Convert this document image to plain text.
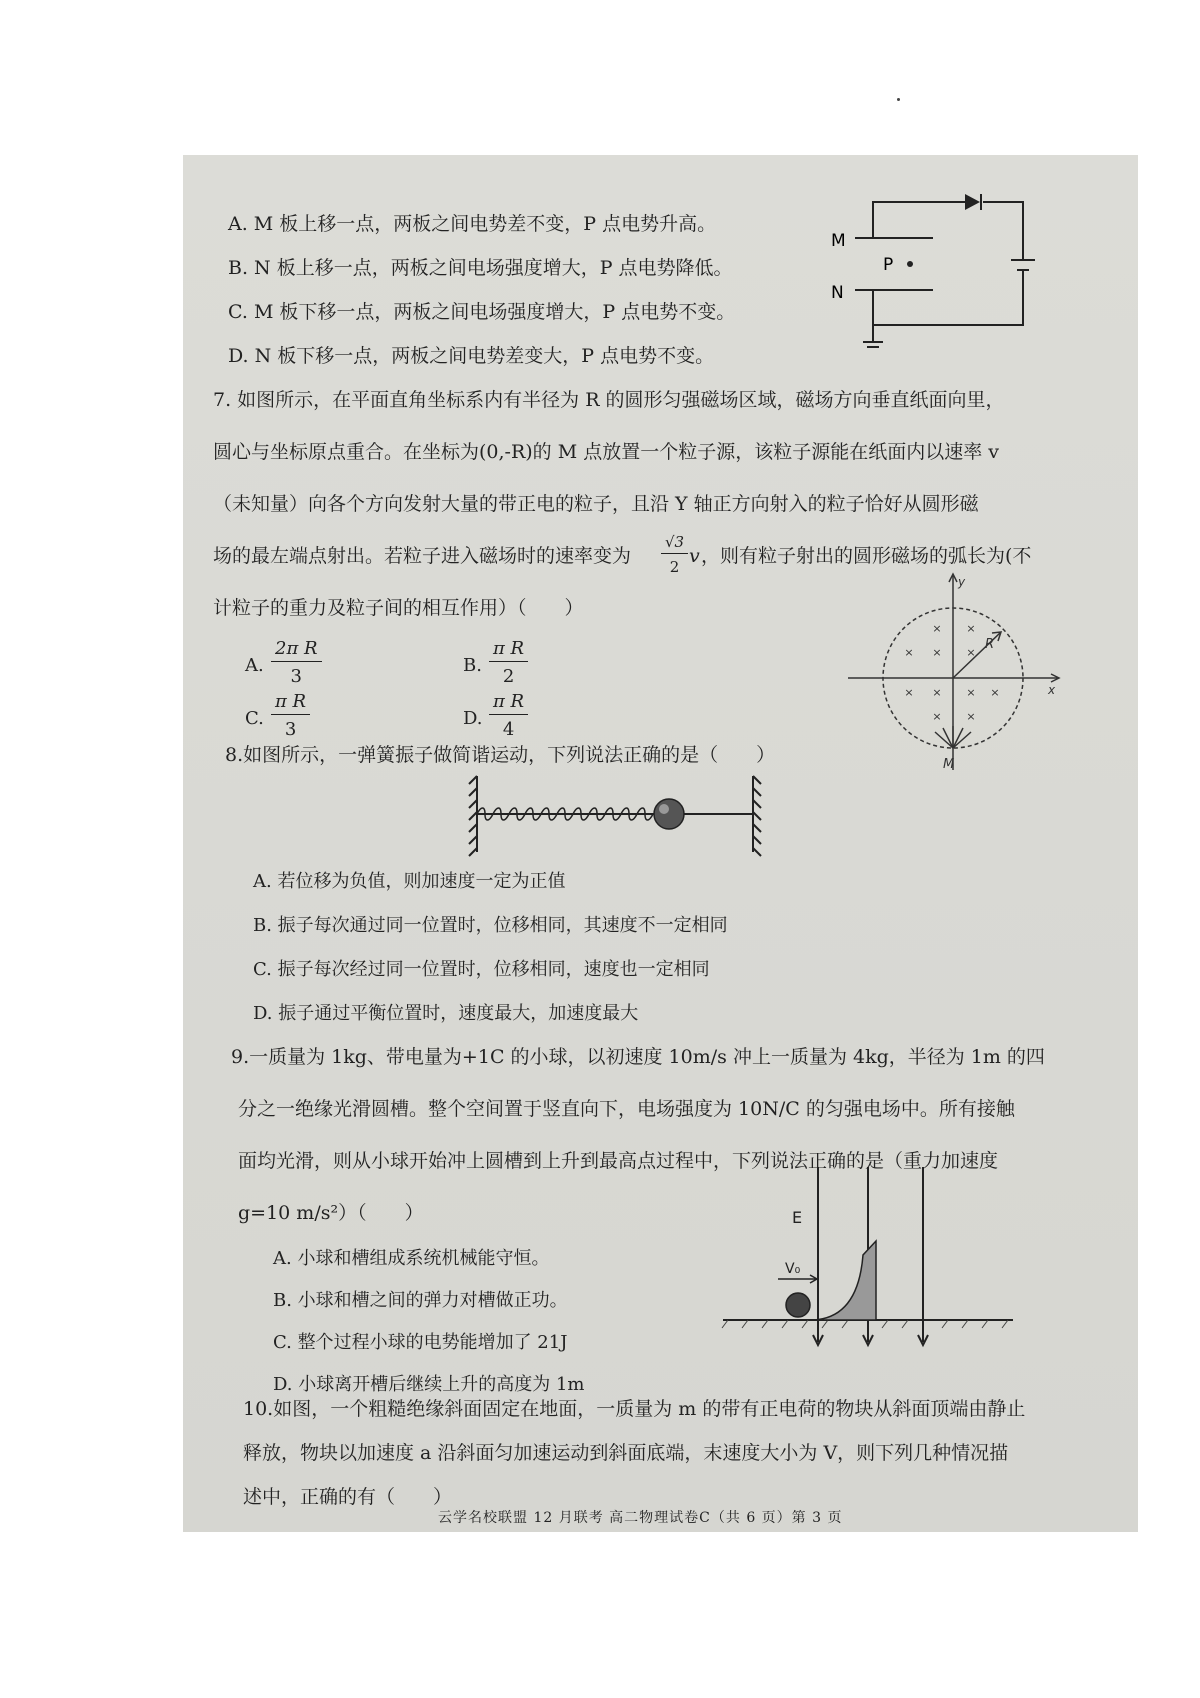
A. M 板上移一点，两板之间电势差不变，P 点电势升高。
B. N 板上移一点，两板之间电场强度增大，P 点电势降低。
C. M 板下移一点，两板之间电场强度增大，P 点电势不变。
D. N 板下移一点，两板之间电势差变大，P 点电势不变。
M
P
N
7. 如图所示，在平面直角坐标系内有半径为 R 的圆形匀强磁场区域，磁场方向垂直纸面向里，
圆心与坐标原点重合。在坐标为(0,-R)的 M 点放置一个粒子源，该粒子源能在纸面内以速率 v
（未知量）向各个方向发射大量的带正电的粒子，且沿 Y 轴正方向射入的粒子恰好从圆形磁
场的最左端点射出。若粒子进入磁场时的速率变为 $\frac{√3}{2}$ v ，则有粒子射出的圆形磁场的弧长为(不
计粒子的重力及粒子间的相互作用）（　　）
A. $\frac{\text{2π R}}{3}$	B. $\frac{\text{π R}}{2}$
C. $\frac{\text{π R}}{3}$	D. $\frac{\text{π R}}{4}$
× ×
× × ×
× × × ×
× ×
y
x
R
M
8.如图所示，一弹簧振子做简谐运动，下列说法正确的是（　　）
A. 若位移为负值，则加速度一定为正值
B. 振子每次通过同一位置时，位移相同，其速度不一定相同
C. 振子每次经过同一位置时，位移相同，速度也一定相同
D. 振子通过平衡位置时，速度最大，加速度最大
9.一质量为 1kg、带电量为+1C 的小球，以初速度 10m/s 冲上一质量为 4kg，半径为 1m 的四
分之一绝缘光滑圆槽。整个空间置于竖直向下，电场强度为 10N/C 的匀强电场中。所有接触
面均光滑，则从小球开始冲上圆槽到上升到最高点过程中，下列说法正确的是（重力加速度
g=10 m/s²）（　　）
A. 小球和槽组成系统机械能守恒。
B. 小球和槽之间的弹力对槽做正功。
C. 整个过程小球的电势能增加了 21J
D. 小球离开槽后继续上升的高度为 1m
V₀
E
10.如图，一个粗糙绝缘斜面固定在地面，一质量为 m 的带有正电荷的物块从斜面顶端由静止
释放，物块以加速度 a 沿斜面匀加速运动到斜面底端，末速度大小为 V，则下列几种情况描
述中，正确的有（　　）
云学名校联盟 12 月联考 高二物理试卷C（共 6 页）第 3 页
